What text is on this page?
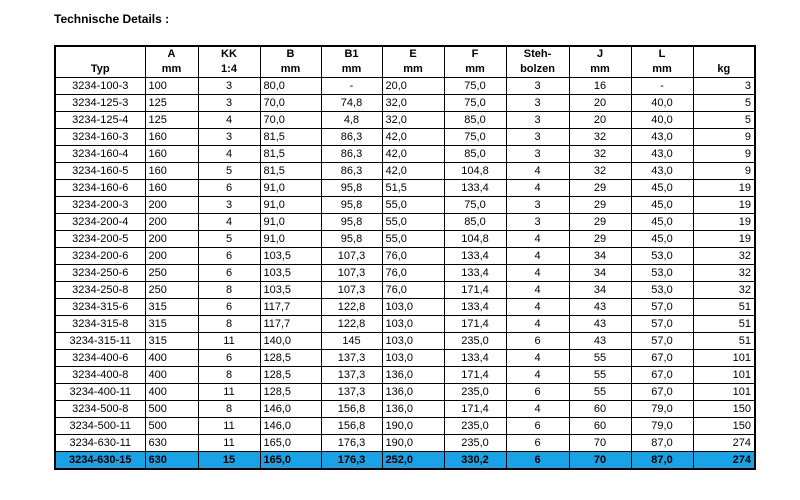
Technische Details :
	A	KK	B	B1	E	F	Steh-	J	L	
Typ	mm	1:4	mm	mm	mm	mm	bolzen	mm	mm	kg
3234-100-3	100	3	80,0	-	20,0	75,0	3	16	-	3
3234-125-3	125	3	70,0	74,8	32,0	75,0	3	20	40,0	5
3234-125-4	125	4	70,0	4,8	32,0	85,0	3	20	40,0	5
3234-160-3	160	3	81,5	86,3	42,0	75,0	3	32	43,0	9
3234-160-4	160	4	81,5	86,3	42,0	85,0	3	32	43,0	9
3234-160-5	160	5	81,5	86,3	42,0	104,8	4	32	43,0	9
3234-160-6	160	6	91,0	95,8	51,5	133,4	4	29	45,0	19
3234-200-3	200	3	91,0	95,8	55,0	75,0	3	29	45,0	19
3234-200-4	200	4	91,0	95,8	55,0	85,0	3	29	45,0	19
3234-200-5	200	5	91,0	95,8	55,0	104,8	4	29	45,0	19
3234-200-6	200	6	103,5	107,3	76,0	133,4	4	34	53,0	32
3234-250-6	250	6	103,5	107,3	76,0	133,4	4	34	53,0	32
3234-250-8	250	8	103,5	107,3	76,0	171,4	4	34	53,0	32
3234-315-6	315	6	117,7	122,8	103,0	133,4	4	43	57,0	51
3234-315-8	315	8	117,7	122,8	103,0	171,4	4	43	57,0	51
3234-315-11	315	11	140,0	145	103,0	235,0	6	43	57,0	51
3234-400-6	400	6	128,5	137,3	103,0	133,4	4	55	67,0	101
3234-400-8	400	8	128,5	137,3	136,0	171,4	4	55	67,0	101
3234-400-11	400	11	128,5	137,3	136,0	235,0	6	55	67,0	101
3234-500-8	500	8	146,0	156,8	136,0	171,4	4	60	79,0	150
3234-500-11	500	11	146,0	156,8	190,0	235,0	6	60	79,0	150
3234-630-11	630	11	165,0	176,3	190,0	235,0	6	70	87,0	274
3234-630-15	630	15	165,0	176,3	252,0	330,2	6	70	87,0	274
